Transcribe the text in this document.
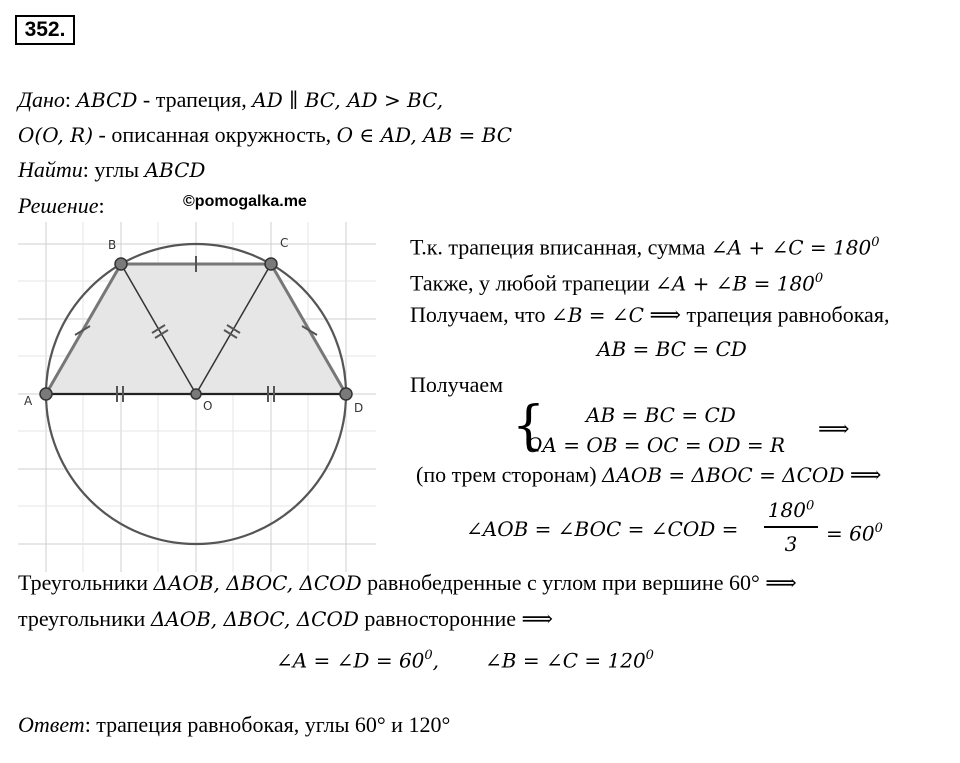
352.
Дано: ABCD - трапеция, AD ∥ BC, AD > BC,
O(O, R) - описанная окружность, O ∈ AD, AB = BC
Найти: углы ABCD
Решение:	©pomogalka.me
A
B	C
D
O
Т.к. трапеция вписанная, сумма ∠A + ∠C = $180^0$
Также, у любой трапеции ∠A + ∠B = $180^0$
Получаем, что ∠B = ∠C ⟹ трапеция равнобокая,
AB = BC = CD
Получаем
{ AB = BC = CD
OA = OB = OC = OD = R
⟹
(по трем сторонам) ΔAOB = ΔBOC = ΔCOD ⟹
∠AOB = ∠BOC = ∠COD =
$180^0$
3	= $60^0$
Треугольники ΔAOB, ΔBOC, ΔCOD равнобедренные с углом при вершине 60° ⟹
треугольники ΔAOB, ΔBOC, ΔCOD равносторонние ⟹
∠A = ∠D = $60^0$, ∠B = ∠C = $120^0$
Ответ: трапеция равнобокая, углы 60° и 120°
